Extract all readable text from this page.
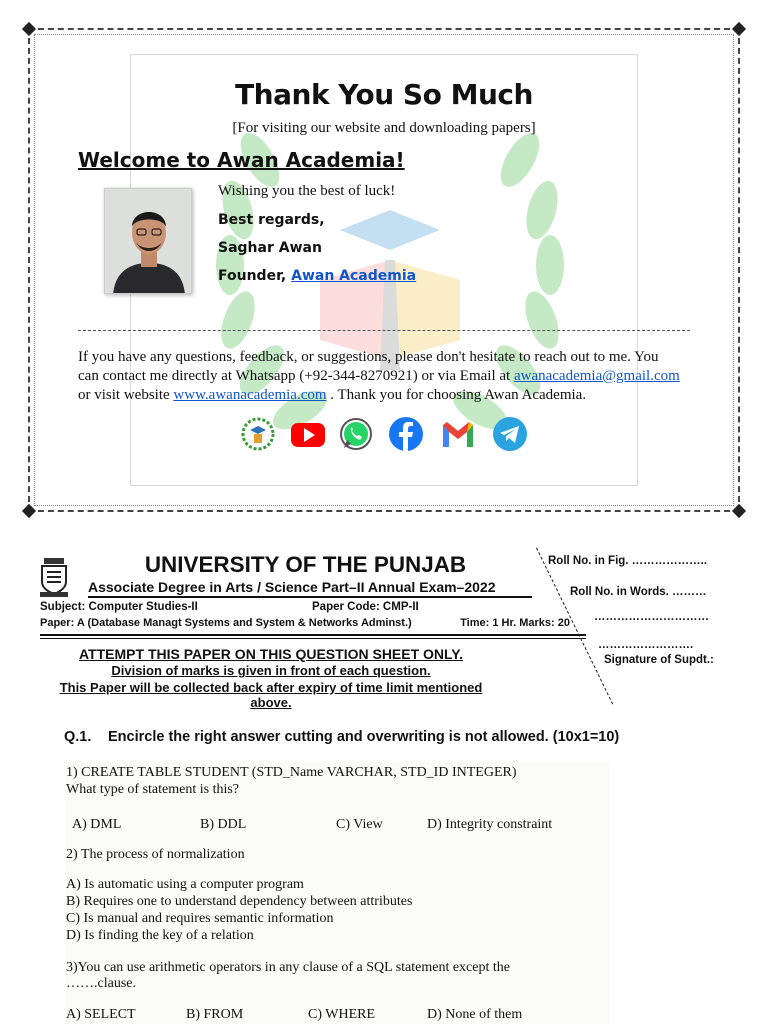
Thank You So Much
[For visiting our website and downloading papers]
Welcome to Awan Academia!
Wishing you the best of luck!
Best regards,
Saghar Awan
Founder, Awan Academia
If you have any questions, feedback, or suggestions, please don't hesitate to reach out to me. You
can contact me directly at Whatsapp (+92-344-8270921) or via Email at awanacademia@gmail.com
or visit website www.awanacademia.com . Thank you for choosing Awan Academia.
UNIVERSITY OF THE PUNJAB
Associate Degree in Arts / Science Part–II Annual Exam–2022
Subject: Computer Studies-II	Paper Code: CMP-II
Paper: A (Database Managt Systems and System & Networks Adminst.)	Time: 1 Hr. Marks: 20
ATTEMPT THIS PAPER ON THIS QUESTION SHEET ONLY.
Division of marks is given in front of each question.
This Paper will be collected back after expiry of time limit mentioned above.
Roll No. in Fig. ………………..
Roll No. in Words. ………
…………………………
…………………….
Signature of Supdt.:
Q.1. Encircle the right answer cutting and overwriting is not allowed. (10x1=10)
1) CREATE TABLE STUDENT (STD_Name VARCHAR, STD_ID INTEGER)
What type of statement is this?
A) DML	B) DDL	C) View	D) Integrity constraint
2) The process of normalization
A) Is automatic using a computer program
B) Requires one to understand dependency between attributes
C) Is manual and requires semantic information
D) Is finding the key of a relation
3)You can use arithmetic operators in any clause of a SQL statement except the
…….clause.
A) SELECT	B) FROM	C) WHERE	D) None of them
